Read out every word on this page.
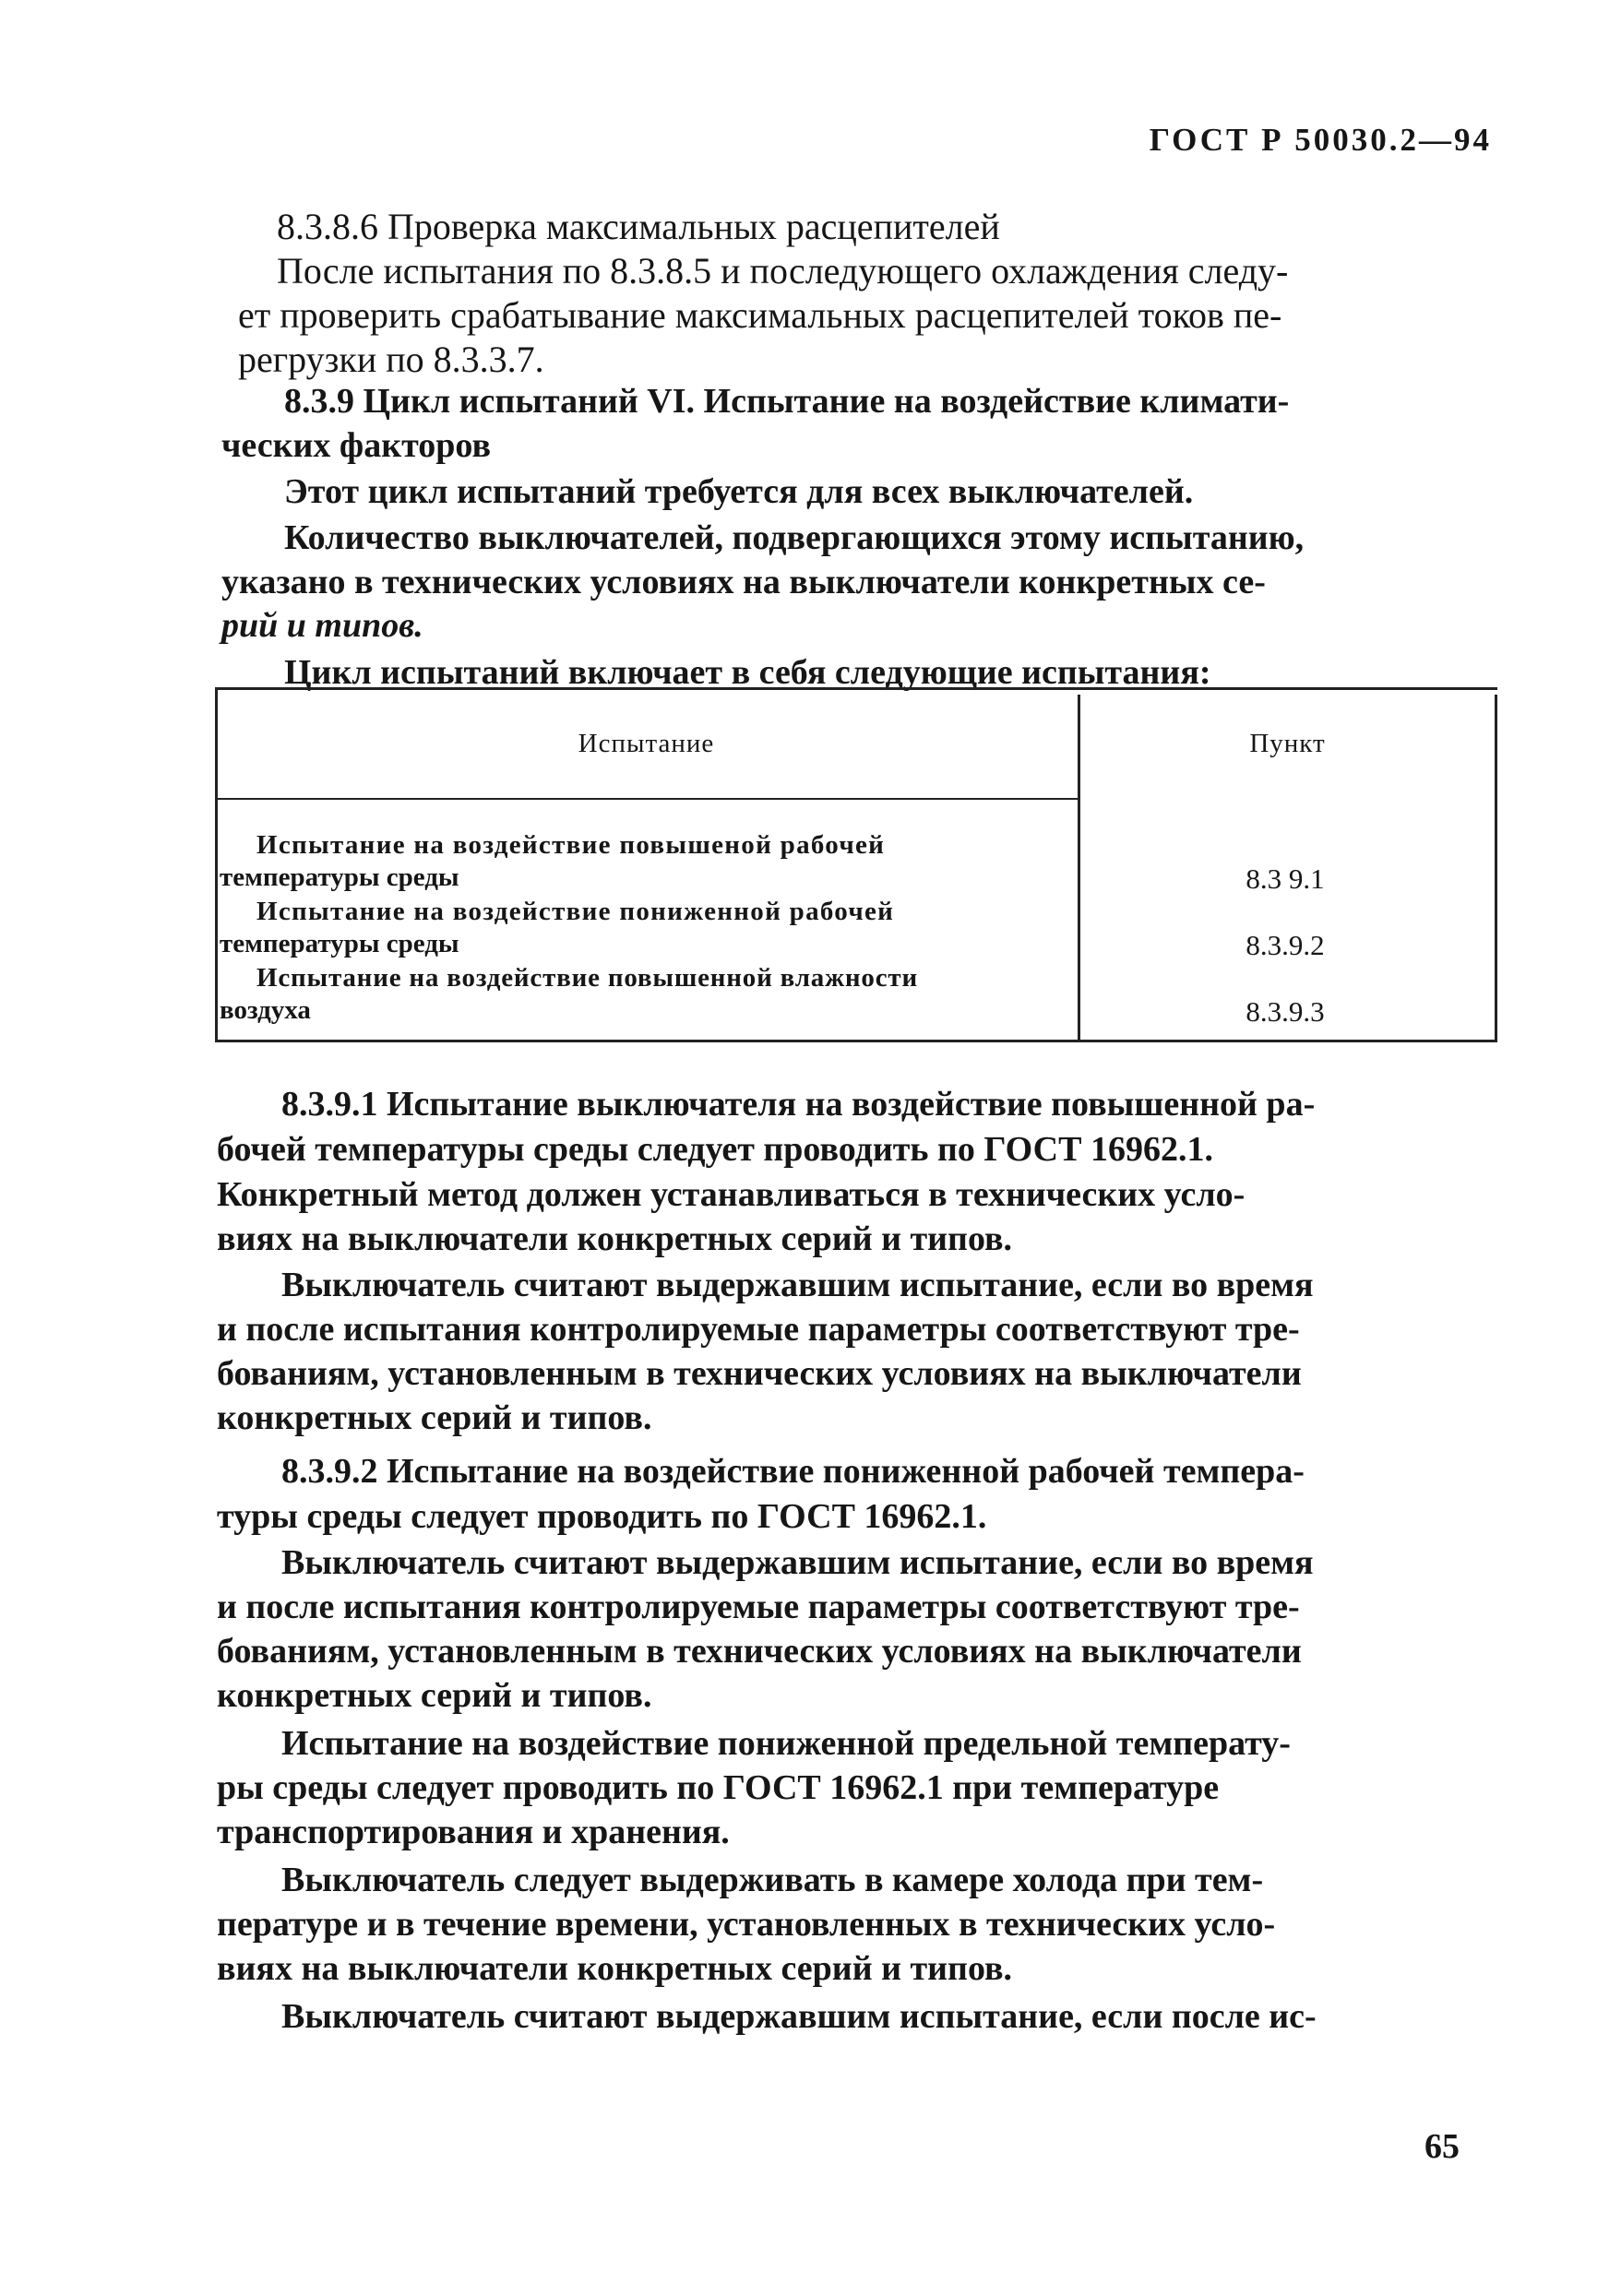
ГОСТ Р 50030.2—94

8.3.8.6 Проверка максимальных расцепителей

После испытания по 8.3.8.5 и последующего охлаждения следу-

ет проверить срабатывание максимальных расцепителей токов пе-

регрузки по 8.3.3.7.

8.3.9 Цикл испытаний VI. Испытание на воздействие климати-

ческих факторов

Этот цикл испытаний требуется для всех выключателей.

Количество выключателей, подвергающихся этому испытанию,

указано в технических условиях на выключатели конкретных се-

рий и типов.

Цикл испытаний включает в себя следующие испытания:

Испытание	Пункт
Испытание на воздействие повышеной рабочей
температуры среды	8.3 9.1
Испытание на воздействие пониженной рабочей
температуры среды	8.3.9.2
Испытание на воздействие повышенной влажности
воздуха	8.3.9.3

8.3.9.1 Испытание выключателя на воздействие повышенной ра-

бочей температуры среды следует проводить по ГОСТ 16962.1.

Конкретный метод должен устанавливаться в технических усло-

виях на выключатели конкретных серий и типов.

Выключатель считают выдержавшим испытание, если во время

и после испытания контролируемые параметры соответствуют тре-

бованиям, установленным в технических условиях на выключатели

конкретных серий и типов.

8.3.9.2 Испытание на воздействие пониженной рабочей темпера-

туры среды следует проводить по ГОСТ 16962.1.

Выключатель считают выдержавшим испытание, если во время

и после испытания контролируемые параметры соответствуют тре-

бованиям, установленным в технических условиях на выключатели

конкретных серий и типов.

Испытание на воздействие пониженной предельной температу-

ры среды следует проводить по ГОСТ 16962.1 при температуре

транспортирования и хранения.

Выключатель следует выдерживать в камере холода при тем-

пературе и в течение времени, установленных в технических усло-

виях на выключатели конкретных серий и типов.

Выключатель считают выдержавшим испытание, если после ис-

65
